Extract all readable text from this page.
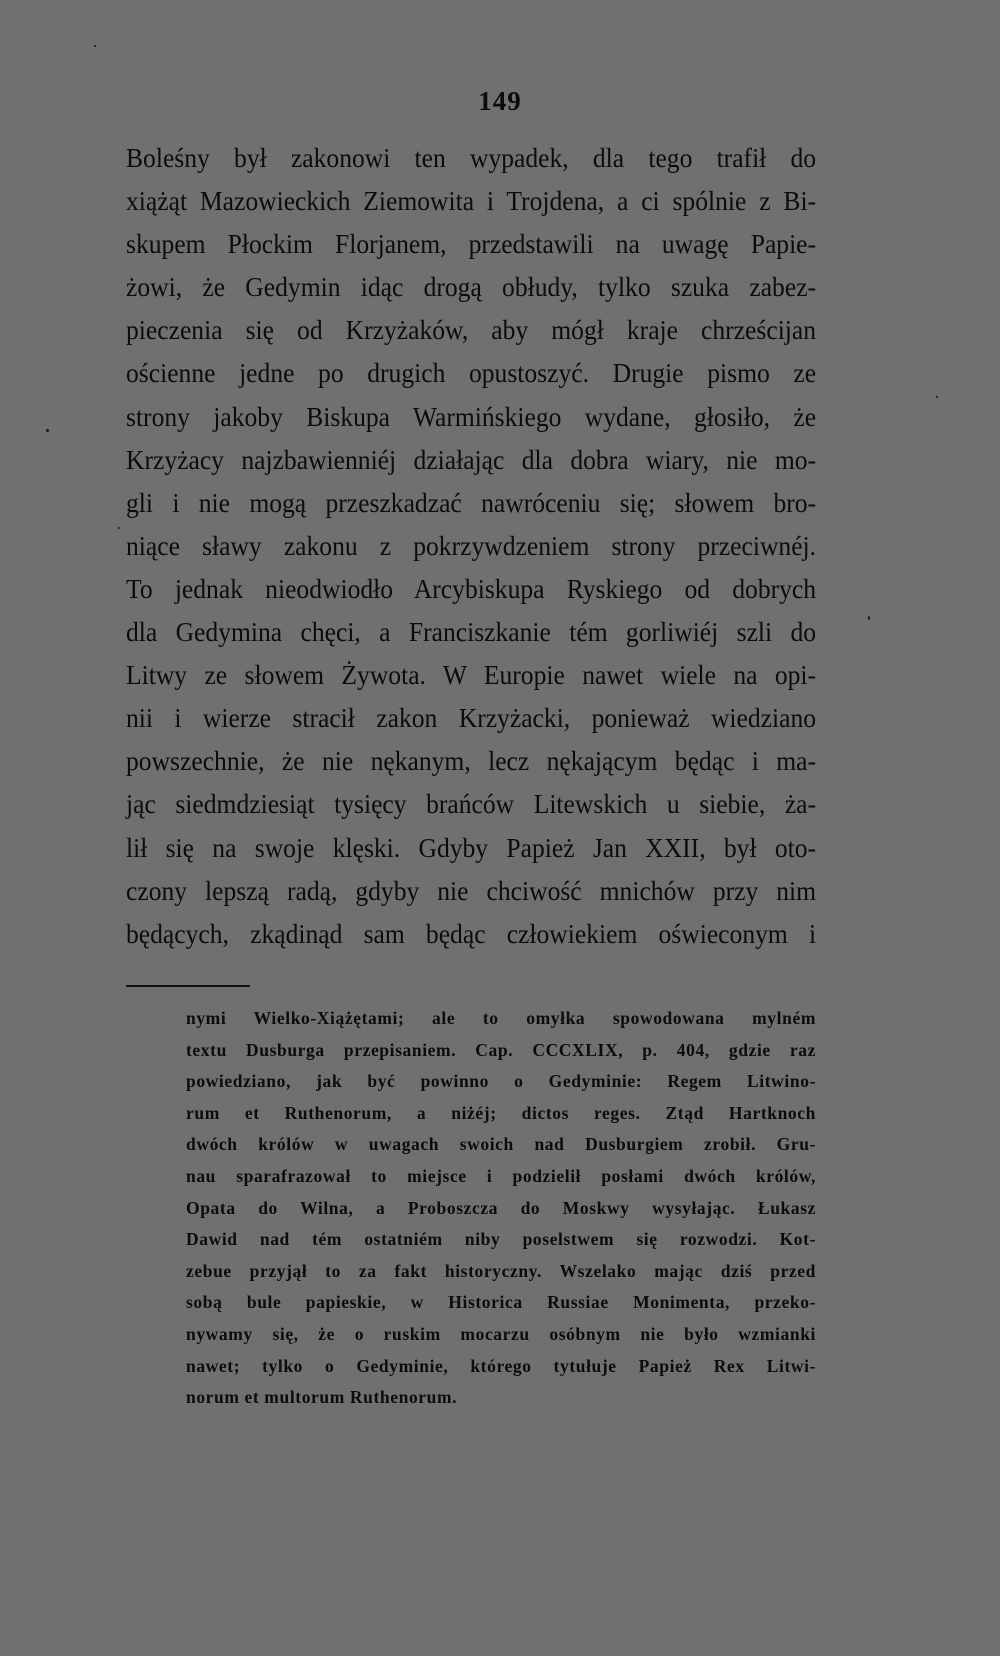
149
Boleśny był zakonowi ten wypadek, dla tego trafił do
xiążąt Mazowieckich Ziemowita i Trojdena, a ci spólnie z Bi-
skupem Płockim Florjanem, przedstawili na uwagę Papie-
żowi, że Gedymin idąc drogą obłudy, tylko szuka zabez-
pieczenia się od Krzyżaków, aby mógł kraje chrześcijan
ościenne jedne po drugich opustoszyć. Drugie pismo ze
strony jakoby Biskupa Warmińskiego wydane, głosiło, że
Krzyżacy najzbawienniéj działając dla dobra wiary, nie mo-
gli i nie mogą przeszkadzać nawróceniu się; słowem bro-
niące sławy zakonu z pokrzywdzeniem strony przeciwnéj.
To jednak nieodwiodło Arcybiskupa Ryskiego od dobrych
dla Gedymina chęci, a Franciszkanie tém gorliwiéj szli do
Litwy ze słowem Żywota. W Europie nawet wiele na opi-
nii i wierze stracił zakon Krzyżacki, ponieważ wiedziano
powszechnie, że nie nękanym, lecz nękającym będąc i ma-
jąc siedmdziesiąt tysięcy brańców Litewskich u siebie, ża-
lił się na swoje klęski. Gdyby Papież Jan XXII, był oto-
czony lepszą radą, gdyby nie chciwość mnichów przy nim
będących, zkądinąd sam będąc człowiekiem oświeconym i
nymi Wielko-Xiążętami; ale to omyłka spowodowana mylném
textu Dusburga przepisaniem. Cap. CCCXLIX, p. 404, gdzie raz
powiedziano, jak być powinno o Gedyminie: Regem Litwino-
rum et Ruthenorum, a niżéj; dictos reges. Ztąd Hartknoch
dwóch królów w uwagach swoich nad Dusburgiem zrobił. Gru-
nau sparafrazował to miejsce i podzielił posłami dwóch królów,
Opata do Wilna, a Proboszcza do Moskwy wysyłając. Łukasz
Dawid nad tém ostatniém niby poselstwem się rozwodzi. Kot-
zebue przyjął to za fakt historyczny. Wszelako mając dziś przed
sobą bule papieskie, w Historica Russiae Monimenta, przeko-
nywamy się, że o ruskim mocarzu osóbnym nie było wzmianki
nawet; tylko o Gedyminie, którego tytułuje Papież Rex Litwi-
norum et multorum Ruthenorum.
